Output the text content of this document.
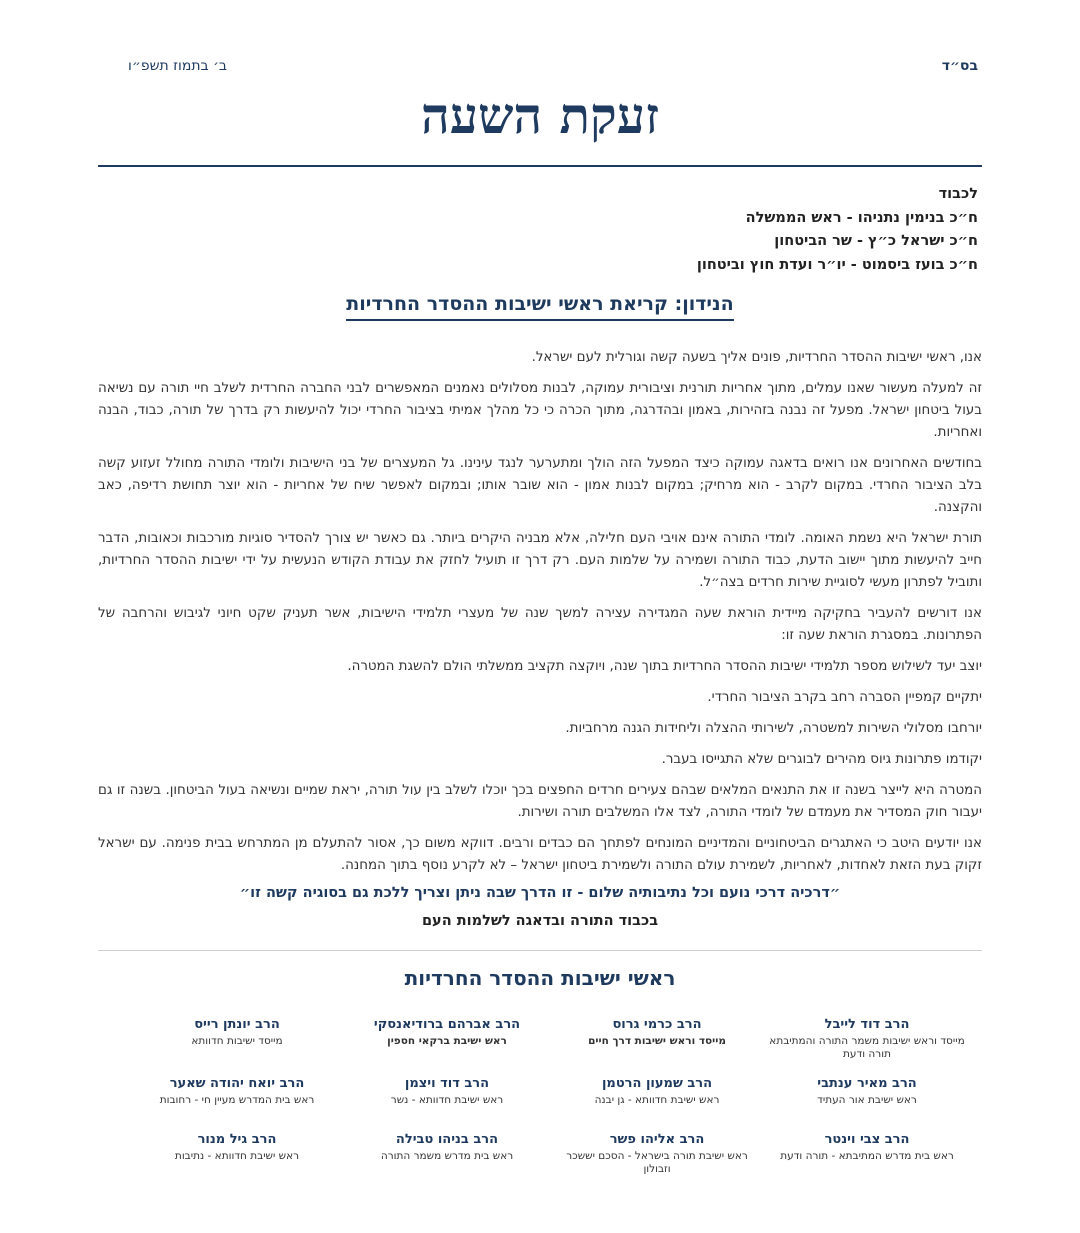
בס״ד
ב׳ בתמוז תשפ״ו
זעקת השעה
לכבוד
ח״כ בנימין נתניהו - ראש הממשלה
ח״כ ישראל כ״ץ - שר הביטחון
ח״כ בועז ביסמוט - יו״ר ועדת חוץ וביטחון
הנידון: קריאת ראשי ישיבות ההסדר החרדיות

אנו, ראשי ישיבות ההסדר החרדיות, פונים אליך בשעה קשה וגורלית לעם ישראל.

זה למעלה מעשור שאנו עמלים, מתוך אחריות תורנית וציבורית עמוקה, לבנות מסלולים נאמנים המאפשרים לבני החברה החרדית לשלב חיי תורה עם נשיאה בעול ביטחון ישראל. מפעל זה נבנה בזהירות, באמון ובהדרגה, מתוך הכרה כי כל מהלך אמיתי בציבור החרדי יכול להיעשות רק בדרך של תורה, כבוד, הבנה ואחריות.

בחודשים האחרונים אנו רואים בדאגה עמוקה כיצד המפעל הזה הולך ומתערער לנגד עינינו. גל המעצרים של בני הישיבות ולומדי התורה מחולל זעזוע קשה בלב הציבור החרדי. במקום לקרב - הוא מרחיק; במקום לבנות אמון - הוא שובר אותו; ובמקום לאפשר שיח של אחריות - הוא יוצר תחושת רדיפה, כאב והקצנה.

תורת ישראל היא נשמת האומה. לומדי התורה אינם אויבי העם חלילה, אלא מבניה היקרים ביותר. גם כאשר יש צורך להסדיר סוגיות מורכבות וכאובות, הדבר חייב להיעשות מתוך יישוב הדעת, כבוד התורה ושמירה על שלמות העם. רק דרך זו תועיל לחזק את עבודת הקודש הנעשית על ידי ישיבות ההסדר החרדיות, ותוביל לפתרון מעשי לסוגיית שירות חרדים בצה״ל.

אנו דורשים להעביר בחקיקה מיידית הוראת שעה המגדירה עצירה למשך שנה של מעצרי תלמידי הישיבות, אשר תעניק שקט חיוני לגיבוש והרחבה של הפתרונות. במסגרת הוראת שעה זו:

יוצב יעד לשילוש מספר תלמידי ישיבות ההסדר החרדיות בתוך שנה, ויוקצה תקציב ממשלתי הולם להשגת המטרה.

יתקיים קמפיין הסברה רחב בקרב הציבור החרדי.

יורחבו מסלולי השירות למשטרה, לשירותי ההצלה וליחידות הגנה מרחביות.

יקודמו פתרונות גיוס מהירים לבוגרים שלא התגייסו בעבר.

המטרה היא לייצר בשנה זו את התנאים המלאים שבהם צעירים חרדים החפצים בכך יוכלו לשלב בין עול תורה, יראת שמיים ונשיאה בעול הביטחון. בשנה זו גם יעבור חוק המסדיר את מעמדם של לומדי התורה, לצד אלו המשלבים תורה ושירות.

אנו יודעים היטב כי האתגרים הביטחוניים והמדיניים המונחים לפתחך הם כבדים ורבים. דווקא משום כך, אסור להתעלם מן המתרחש בבית פנימה. עם ישראל זקוק בעת הזאת לאחדות, לאחריות, לשמירת עולם התורה ולשמירת ביטחון ישראל – לא לקרע נוסף בתוך המחנה.

״דרכיה דרכי נועם וכל נתיבותיה שלום - זו הדרך שבה ניתן וצריך ללכת גם בסוגיה קשה זו״
בכבוד התורה ובדאגה לשלמות העם
ראשי ישיבות ההסדר החרדיות
הרב דוד לייבל
מייסד וראש ישיבות משמר התורה והמתיבתא תורה ודעת
הרב כרמי גרוס
מייסד וראש ישיבות דרך חיים
הרב אברהם ברודיאנסקי
ראש ישיבת ברקאי חספין
הרב יונתן רייס
מייסד ישיבות חדוותא
הרב מאיר ענתבי
ראש ישיבת אור העתיד
הרב שמעון הרטמן
ראש ישיבת חדוותא - גן יבנה
הרב דוד ויצמן
ראש ישיבת חדוותא - נשר
הרב יואח יהודה שאער
ראש בית המדרש מעיין חי - רחובות
הרב צבי וינטר
ראש בית מדרש המתיבתא - תורה ודעת
הרב אליהו פשר
ראש ישיבת תורה בישראל - הסכם יששכר וזבולון
הרב בניהו טבילה
ראש בית מדרש משמר התורה
הרב גיל מנור
ראש ישיבת חדוותא - נתיבות
